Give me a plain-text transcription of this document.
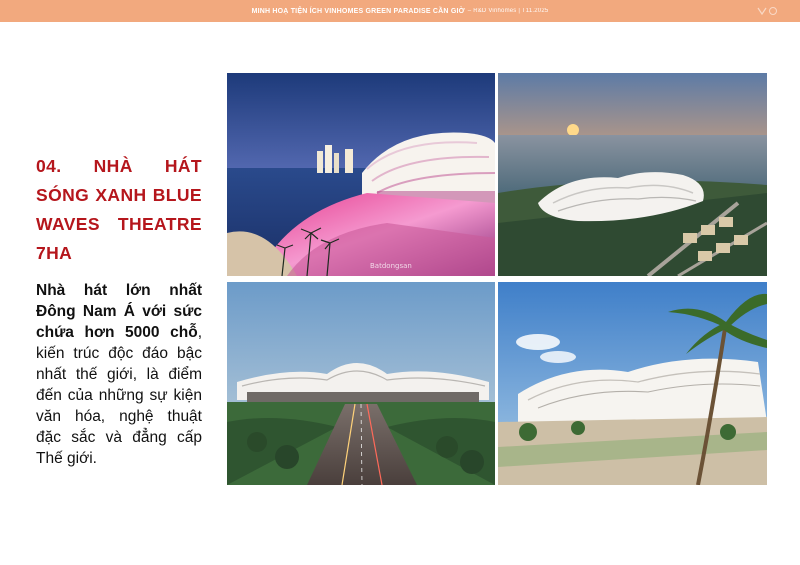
MINH HOẠ TIỆN ÍCH VINHOMES GREEN PARADISE CẦN GIỜ – R&D Vinhomes | T11.2025
04. NHÀ HÁT SÓNG XANH BLUE WAVES THEATRE 7HA

Nhà hát lớn nhất Đông Nam Á với sức chứa hơn 5000 chỗ, kiến trúc độc đáo bậc nhất thế giới, là điểm đến của những sự kiện văn hóa, nghệ thuật đặc sắc và đẳng cấp Thế giới.

Batdongsan
